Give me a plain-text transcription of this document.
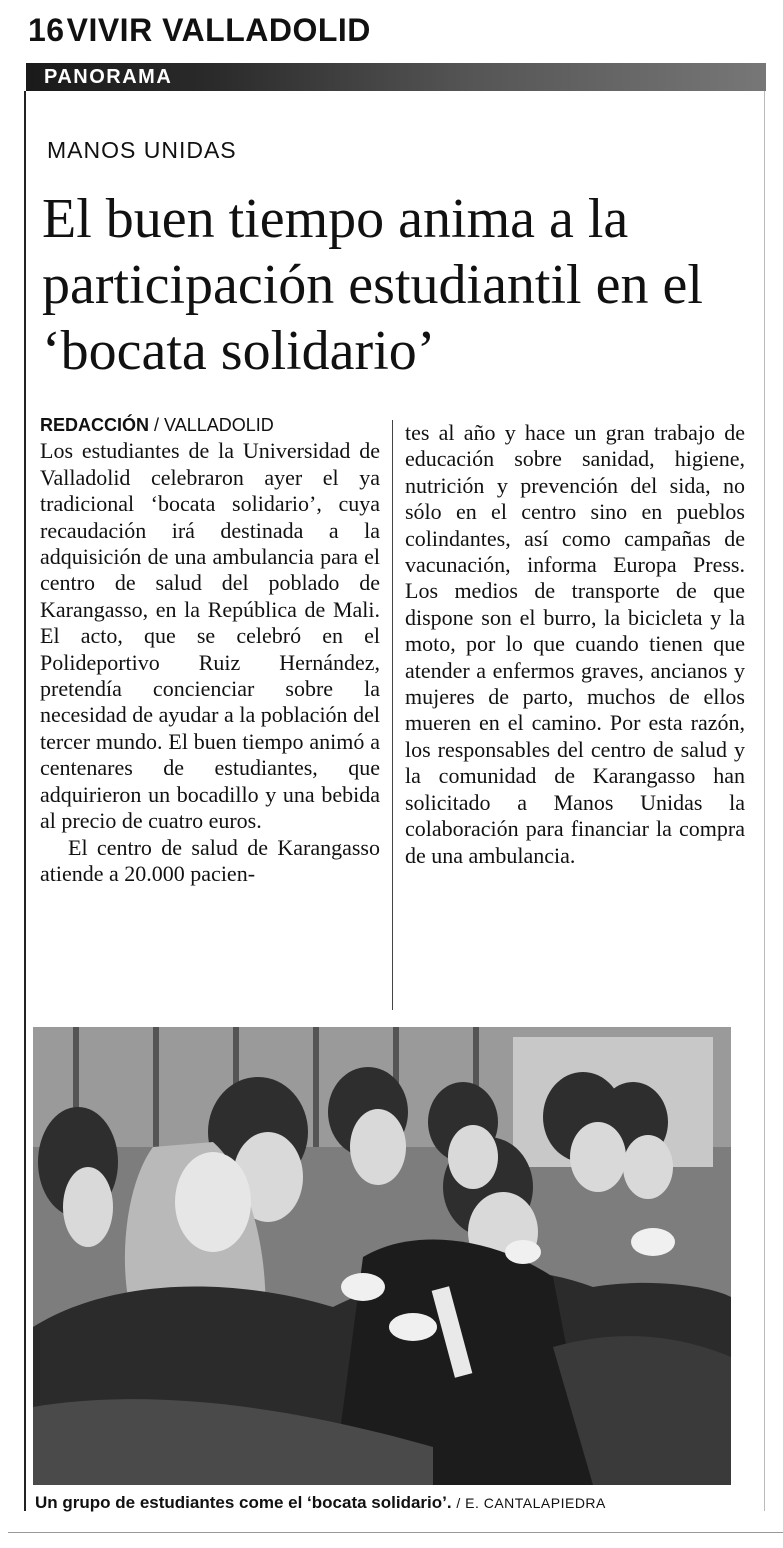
16VIVIR VALLADOLID
PANORAMA
MANOS UNIDAS
El buen tiempo anima a la participación estudiantil en el ‘bocata solidario’
REDACCIÓN / VALLADOLID

Los estudiantes de la Universidad de Valladolid celebraron ayer el ya tradicional ‘bocata solidario’, cuya recaudación irá destinada a la adquisición de una ambulancia para el centro de salud del poblado de Karangasso, en la República de Mali. El acto, que se celebró en el Polideportivo Ruiz Hernández, pretendía concienciar sobre la necesidad de ayudar a la población del tercer mundo. El buen tiempo animó a centenares de estudiantes, que adquirieron un bocadillo y una bebida al precio de cuatro euros.

El centro de salud de Karangasso atiende a 20.000 pacien-

tes al año y hace un gran trabajo de educación sobre sanidad, higiene, nutrición y prevención del sida, no sólo en el centro sino en pueblos colindantes, así como campañas de vacunación, informa Europa Press. Los medios de transporte de que dispone son el burro, la bicicleta y la moto, por lo que cuando tienen que atender a enfermos graves, ancianos y mujeres de parto, muchos de ellos mueren en el camino. Por esta razón, los responsables del centro de salud y la comunidad de Karangasso han solicitado a Manos Unidas la colaboración para financiar la compra de una ambulancia.

Un grupo de estudiantes come el ‘bocata solidario’. / E. CANTALAPIEDRA
